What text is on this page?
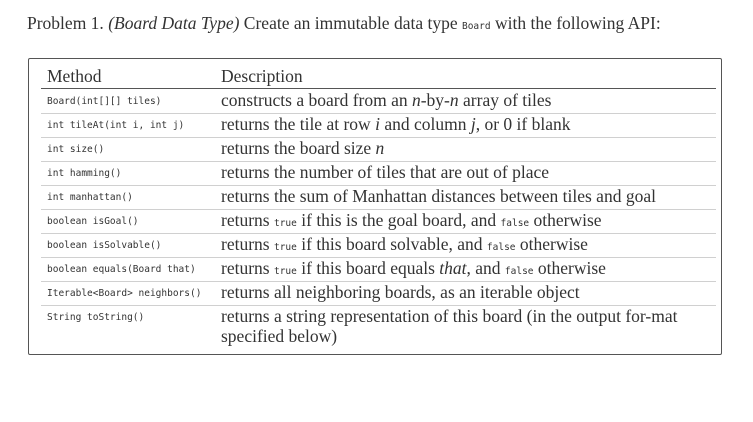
Problem 1. (Board Data Type) Create an immutable data type Board with the following API:
Method	Description
Board(int[][] tiles)	constructs a board from an n-by-n array of tiles
int tileAt(int i, int j) returns the tile at row i and column j, or 0 if blank
int size()	returns the board size n
int hamming()	returns the number of tiles that are out of place
int manhattan()	returns the sum of Manhattan distances between tiles and goal
boolean isGoal()	returns true if this is the goal board, and false otherwise
boolean isSolvable()	returns true if this board solvable, and false otherwise
boolean equals(Board that) returns true if this board equals that, and false otherwise
Iterable<Board> neighbors() returns all neighboring boards, as an iterable object
String toString()	returns a string representation of this board (in the output for-mat specified below)
